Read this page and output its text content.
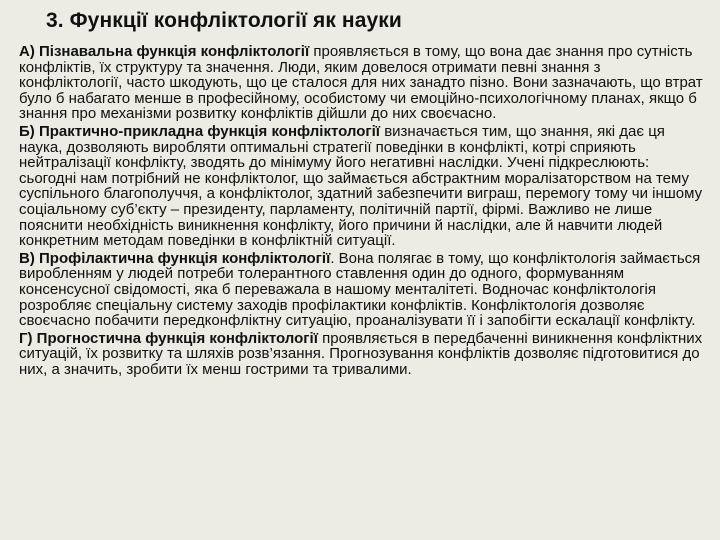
3. Функції конфліктології як науки

А) Пізнавальна функція конфліктології проявляється в тому, що вона дає знання про сутність конфліктів, їх структуру та значення. Люди, яким довелося отримати певні знання з конфліктології, часто шкодують, що це сталося для них занадто пізно. Вони зазначають, що втрат було б набагато менше в професійному, особистому чи емоційно-психологічному планах, якщо б знання про механізми розвитку конфліктів дійшли до них своєчасно.

Б) Практично-прикладна функція конфліктології визначається тим, що знання, які дає ця наука, дозволяють виробляти оптимальні стратегії поведінки в конфлікті, котрі сприяють нейтралізації конфлікту, зводять до мінімуму його негативні наслідки. Учені підкреслюють: сьогодні нам потрібний не конфліктолог, що займається абстрактним моралізаторством на тему суспільного благополуччя, а конфліктолог, здатний забезпечити виграш, перемогу тому чи іншому соціальному суб’єкту – президенту, парламенту, політичній партії, фірмі. Важливо не лише пояснити необхідність виникнення конфлікту, його причини й наслідки, але й навчити людей конкретним методам поведінки в конфліктній ситуації.

В) Профілактична функція конфліктології. Вона полягає в тому, що конфліктологія займається виробленням у людей потреби толерантного ставлення один до одного, формуванням консенсусної свідомості, яка б переважала в нашому менталітеті. Водночас конфліктологія розробляє спеціальну систему заходів профілактики конфліктів. Конфліктологія дозволяє своєчасно побачити передконфліктну ситуацію, проаналізувати її і запобігти ескалації конфлікту.

Г) Прогностична функція конфліктології проявляється в передбаченні виникнення конфліктних ситуацій, їх розвитку та шляхів розв’язання. Прогнозування конфліктів дозволяє підготовитися до них, а значить, зробити їх менш гострими та тривалими.
